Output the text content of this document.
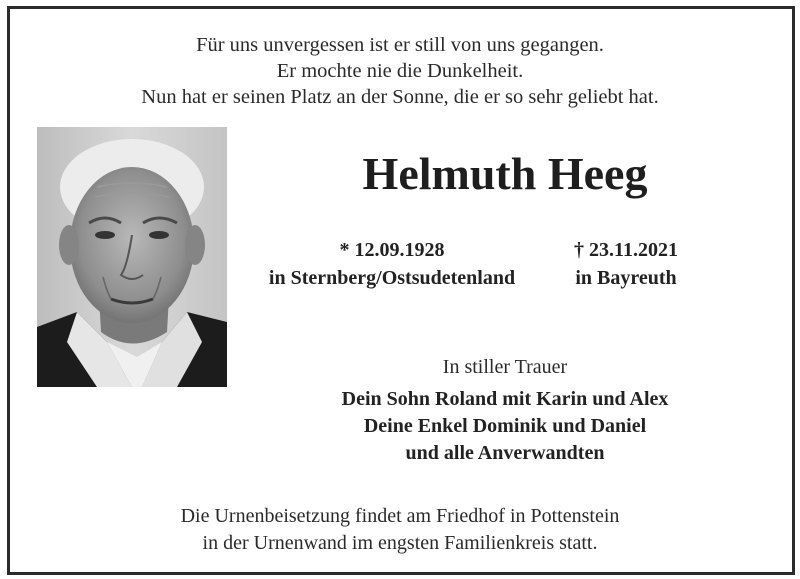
Für uns unvergessen ist er still von uns gegangen.
Er mochte nie die Dunkelheit.
Nun hat er seinen Platz an der Sonne, die er so sehr geliebt hat.
Helmuth Heeg
* 12.09.1928
in Sternberg/Ostsudetenland
† 23.11.2021
in Bayreuth
In stiller Trauer
Dein Sohn Roland mit Karin und Alex
Deine Enkel Dominik und Daniel
und alle Anverwandten
Die Urnenbeisetzung findet am Friedhof in Pottenstein
in der Urnenwand im engsten Familienkreis statt.
